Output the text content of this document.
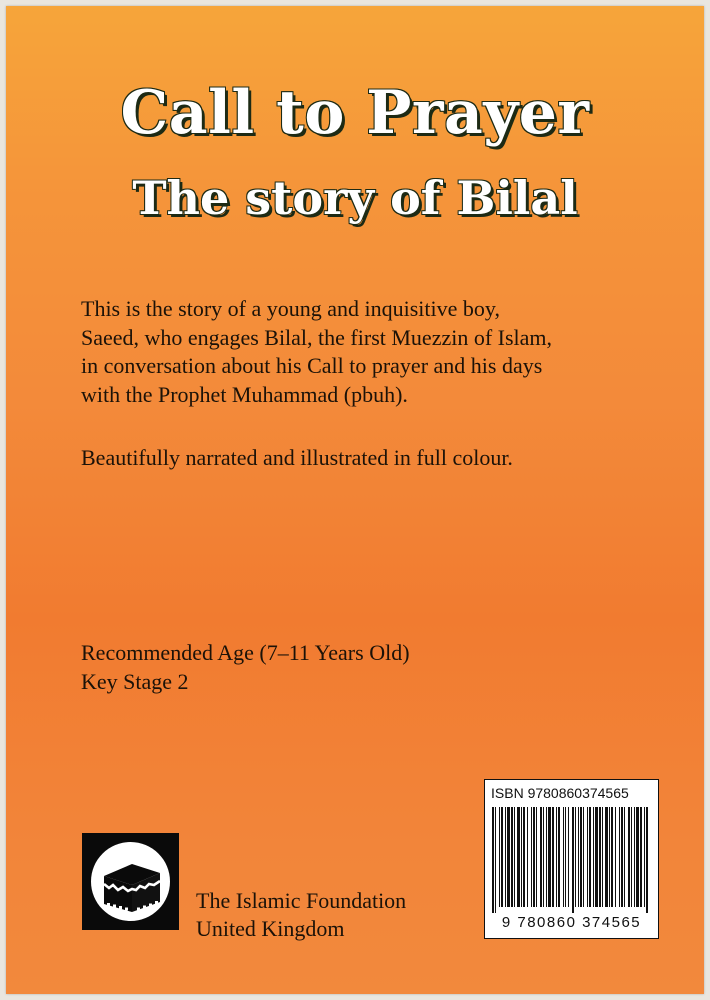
Call to Prayer
The story of Bilal

This is the story of a young and inquisitive boy,
Saeed, who engages Bilal, the first Muezzin of Islam,
in conversation about his Call to prayer and his days
with the Prophet Muhammad (pbuh).

Beautifully narrated and illustrated in full colour.
Recommended Age (7–11 Years Old)
Key Stage 2
The Islamic Foundation
United Kingdom
ISBN 9780860374565
9 780860 374565
